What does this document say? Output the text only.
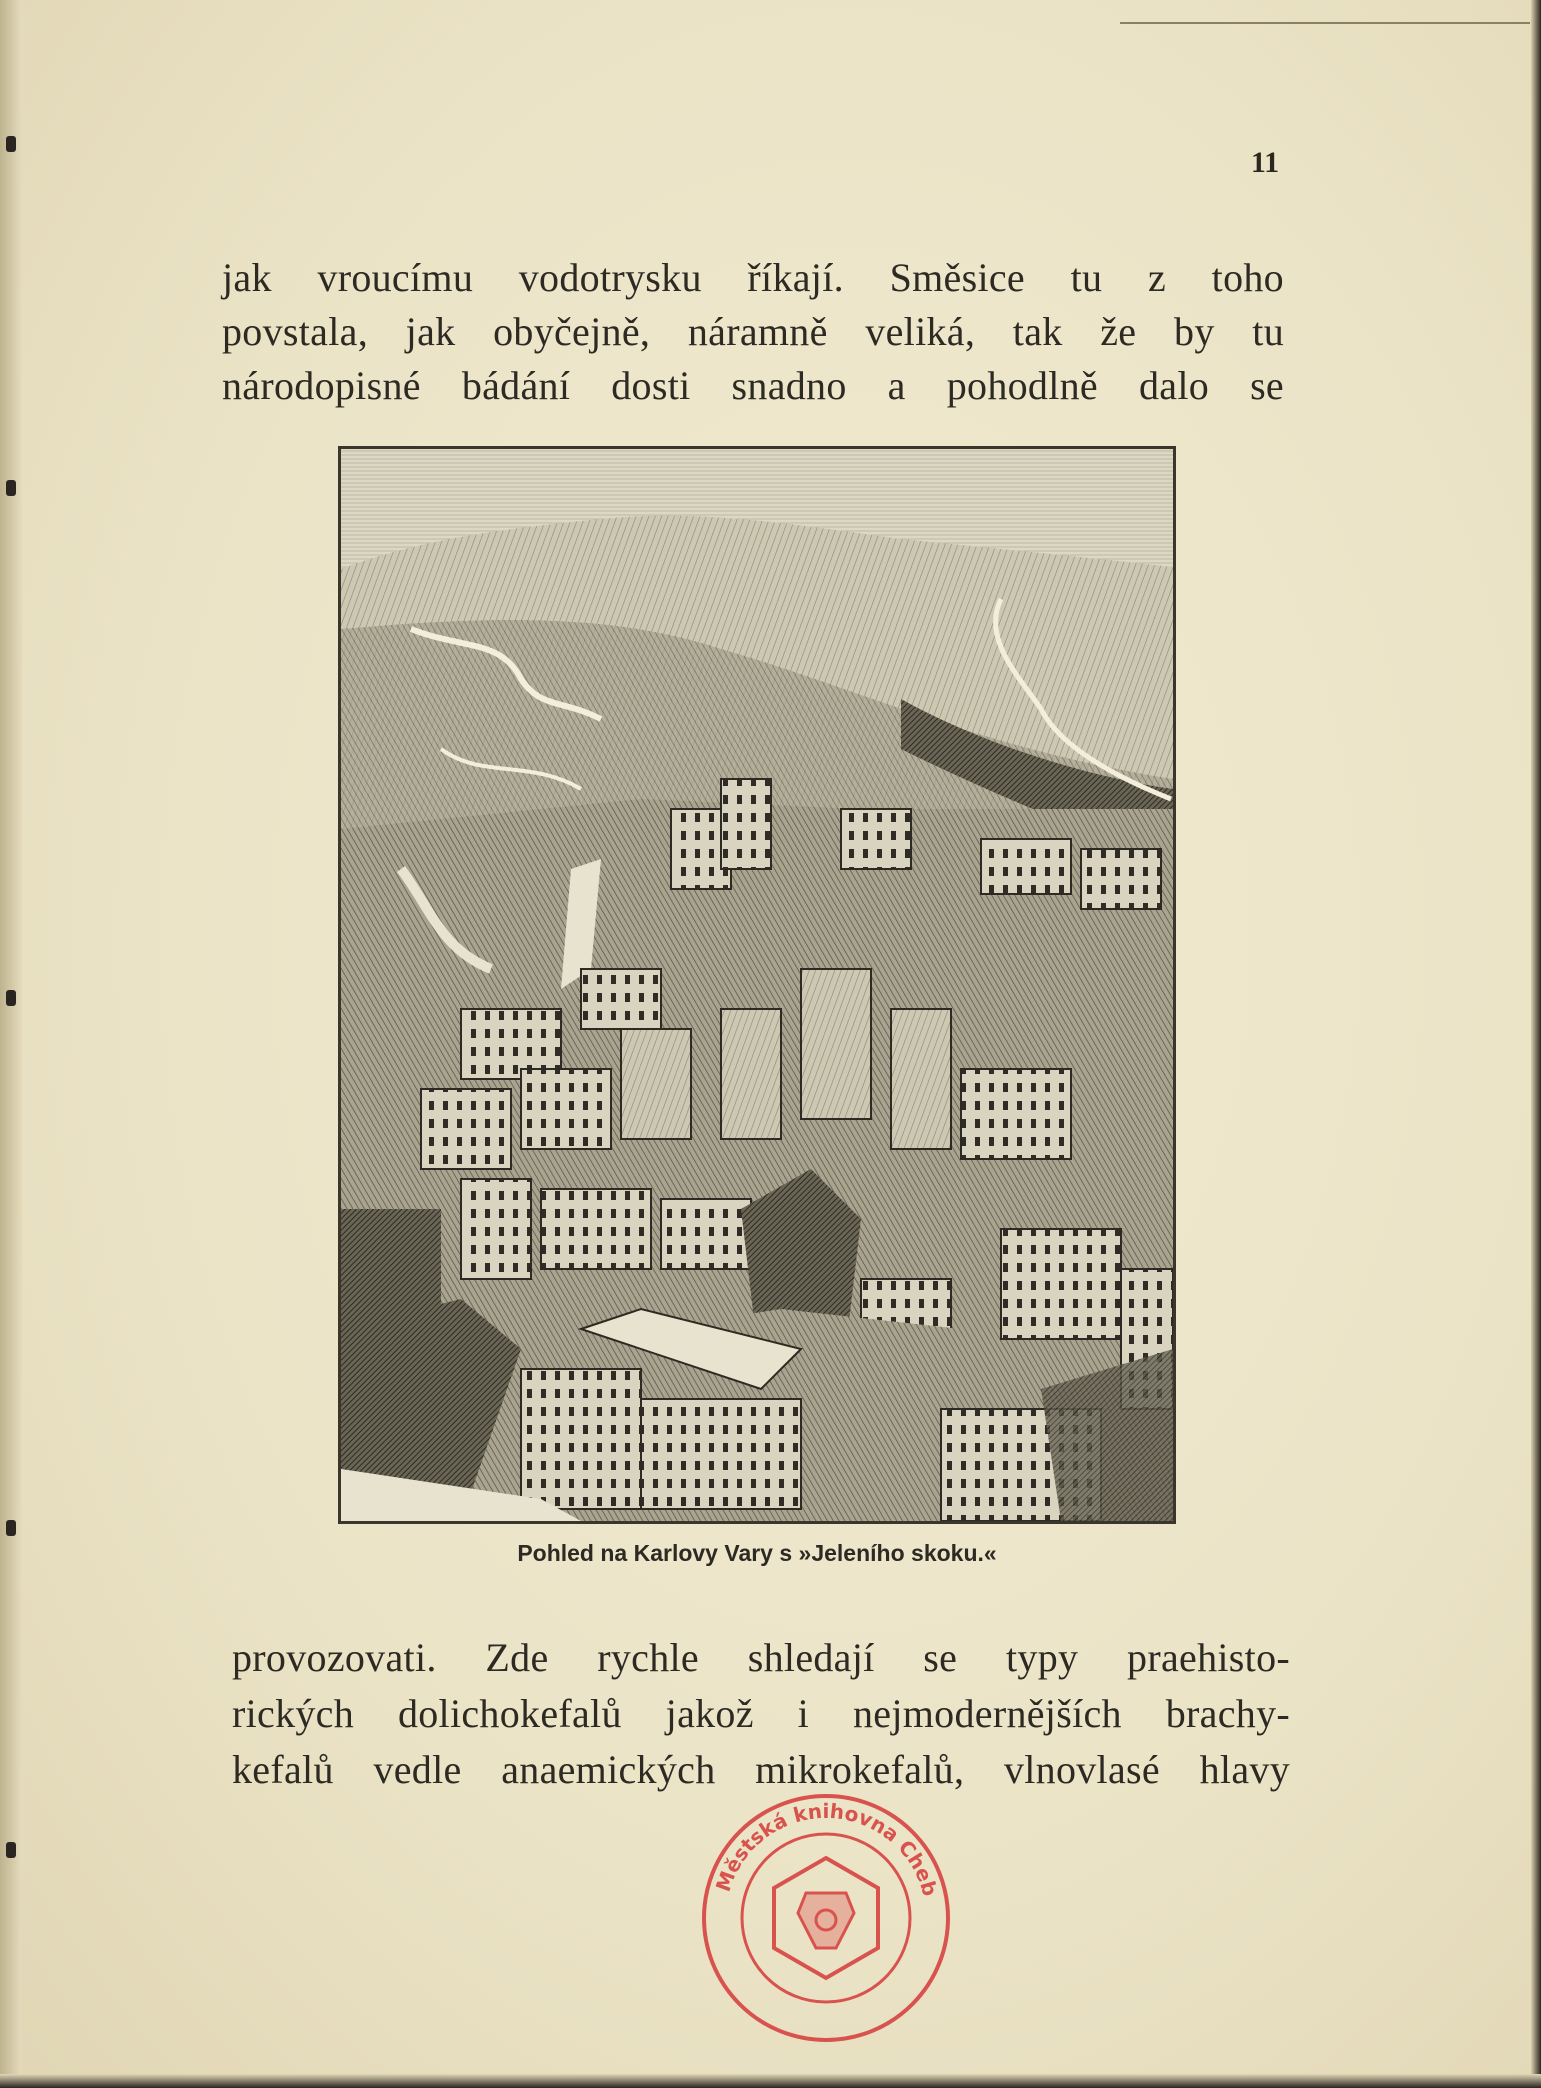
11
jak vroucímu vodotrysku říkají. Směsice tu z toho
povstala, jak obyčejně, náramně veliká, tak že by tu
národopisné bádání dosti snadno a pohodlně dalo se
Pohled na Karlovy Vary s »Jeleního skoku.«
provozovati. Zde rychle shledají se typy praehisto-
rických dolichokefalů jakož i nejmodernějších brachy-
kefalů vedle anaemických mikrokefalů, vlnovlasé hlavy
Městská knihovna Cheb
